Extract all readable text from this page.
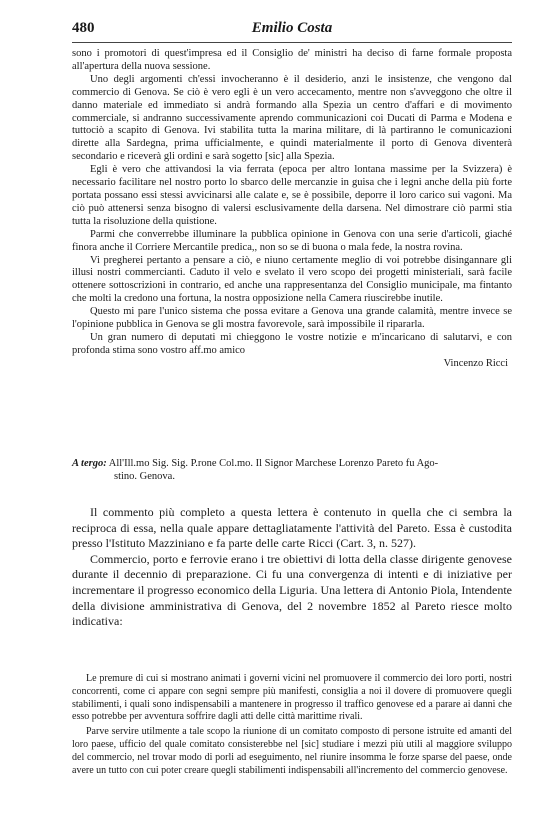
480	Emilio Costa

sono i promotori di quest'impresa ed il Consiglio de' ministri ha deciso di farne formale proposta all'apertura della nuova sessione.

Uno degli argomenti ch'essi invocheranno è il desiderio, anzi le insistenze, che vengono dal commercio di Genova. Se ciò è vero egli è un vero accecamento, mentre non s'avveggono che oltre il danno materiale ed immediato si andrà formando alla Spezia un centro d'affari e di movimento commerciale, si andranno successivamente aprendo communicazioni coi Ducati di Parma e Modena e tuttociò a scapito di Genova. Ivi stabilita tutta la marina militare, di là partiranno le comunicazioni dirette alla Sardegna, prima ufficialmente, e quindi materialmente il porto di Genova diventerà secondario e riceverà gli ordini e sarà sogetto [sic] alla Spezia.

Egli è vero che attivandosi la via ferrata (epoca per altro lontana massime per la Svizzera) è necessario facilitare nel nostro porto lo sbarco delle mercanzie in guisa che i legni anche della più forte portata possano essi stessi avvicinarsi alle calate e, se è possibile, deporre il loro carico sui vagoni. Ma ciò può attenersi senza bisogno di valersi esclusivamente della darsena. Nel dimostrare ciò parmi stia tutta la risoluzione della quistione.

Parmi che converrebbe illuminare la pubblica opinione in Genova con una serie d'articoli, giaché finora anche il Corriere Mercantile predica,, non so se di buona o mala fede, la nostra rovina.

Vi pregherei pertanto a pensare a ciò, e niuno certamente meglio di voi potrebbe disingannare gli illusi nostri commercianti. Caduto il velo e svelato il vero scopo dei progetti ministeriali, sarà facile ottenere sottoscrizioni in contrario, ed anche una rappresentanza del Consiglio municipale, ma fintanto che molti la credono una fortuna, la nostra opposizione nella Camera riuscirebbe inutile.

Questo mi pare l'unico sistema che possa evitare a Genova una grande calamità, mentre invece se l'opinione pubblica in Genova se gli mostra favorevole, sarà impossibile il ripararla.

Un gran numero di deputati mi chieggono le vostre notizie e m'incaricano di salutarvi, e con profonda stima sono vostro aff.mo amico

Vincenzo Ricci

A tergo: All'Ill.mo Sig. Sig. P.rone Col.mo. Il Signor Marchese Lorenzo Pareto fu Ago-
stino. Genova.

Il commento più completo a questa lettera è contenuto in quella che ci sembra la reciproca di essa, nella quale appare dettagliatamente l'attività del Pareto. Essa è custodita presso l'Istituto Mazziniano e fa parte delle carte Ricci (Cart. 3, n. 527).

Commercio, porto e ferrovie erano i tre obiettivi di lotta della classe dirigente genovese durante il decennio di preparazione. Ci fu una convergenza di intenti e di iniziative per incrementare il progresso economico della Liguria. Una lettera di Antonio Piola, Intendente della divisione amministrativa di Genova, del 2 novembre 1852 al Pareto riesce molto indicativa:

Le premure di cui si mostrano animati i governi vicini nel promuovere il commercio dei loro porti, nostri concorrenti, come ci appare con segni sempre più manifesti, consiglia a noi il dovere di promuovere quegli stabilimenti, i quali sono indispensabili a mantenere in progresso il traffico genovese ed a parare ai danni che esso potrebbe per avventura soffrire dagli atti delle città marittime rivali.

Parve servire utilmente a tale scopo la riunione di un comitato composto di persone istruite ed amanti del loro paese, ufficio del quale comitato consisterebbe nel [sic] studiare i mezzi più utili al maggiore sviluppo del commercio, nel trovar modo di porli ad eseguimento, nel riunire insomma le forze sparse del paese, onde avere un tutto con cui poter creare quegli stabilimenti indispensabili all'incremento del commercio genovese.
